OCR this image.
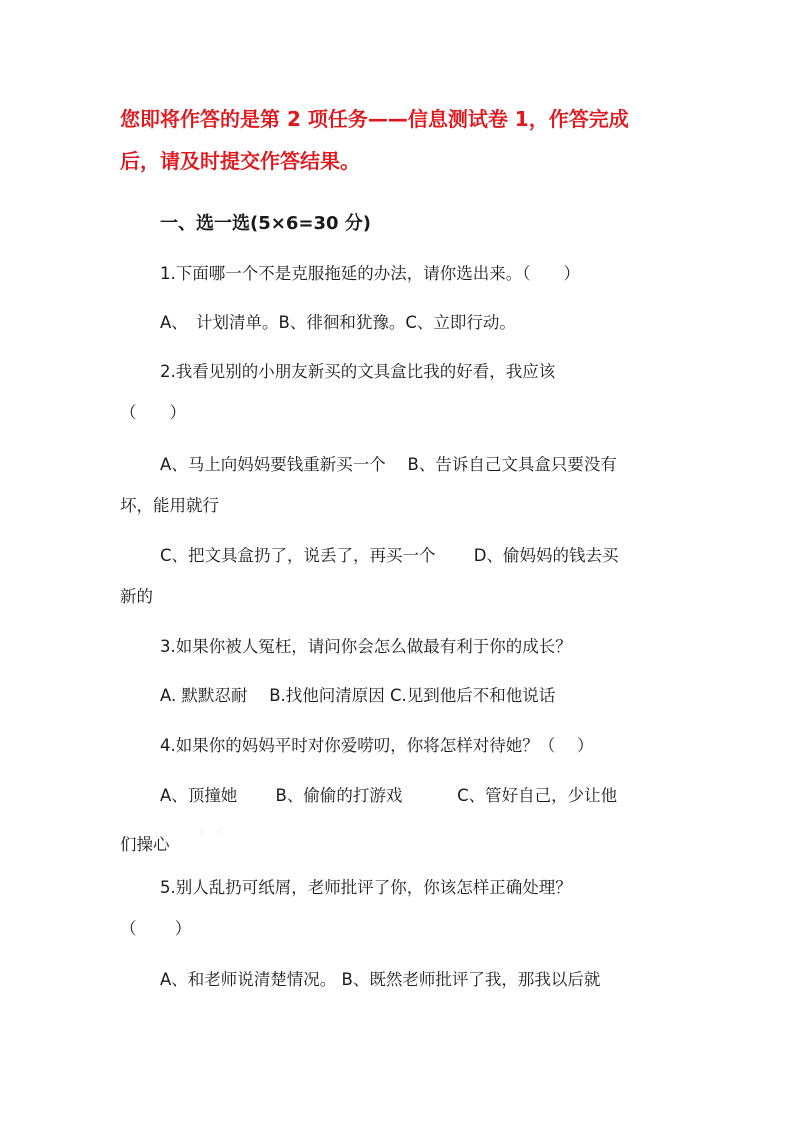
您即将作答的是第 2 项任务——信息测试卷 1，作答完成
后，请及时提交作答结果。
一、选一选(5×6=30 分)
1.下面哪一个不是克服拖延的办法，请你选出来。（　　）
A、　计划清单。B、徘徊和犹豫。C、立即行动。
2.我看见别的小朋友新买的文具盒比我的好看，我应该
（　　）
A、马上向妈妈要钱重新买一个　 B、告诉自己文具盒只要没有
坏，能用就行
C、把文具盒扔了，说丢了，再买一个　　 D、偷妈妈的钱去买
新的
3.如果你被人冤枉，请问你会怎么做最有利于你的成长？
A. 默默忍耐　 B.找他问清原因 C.见到他后不和他说话
4.如果你的妈妈平时对你爱唠叨，你将怎样对待她？（　 ）
A、顶撞她　　 B、偷偷的打游戏　　　 C、管好自己，少让他
们操心
· ·
5.别人乱扔可纸屑，老师批评了你，你该怎样正确处理？
（　　 ）
A、和老师说清楚情况。 B、既然老师批评了我，那我以后就
